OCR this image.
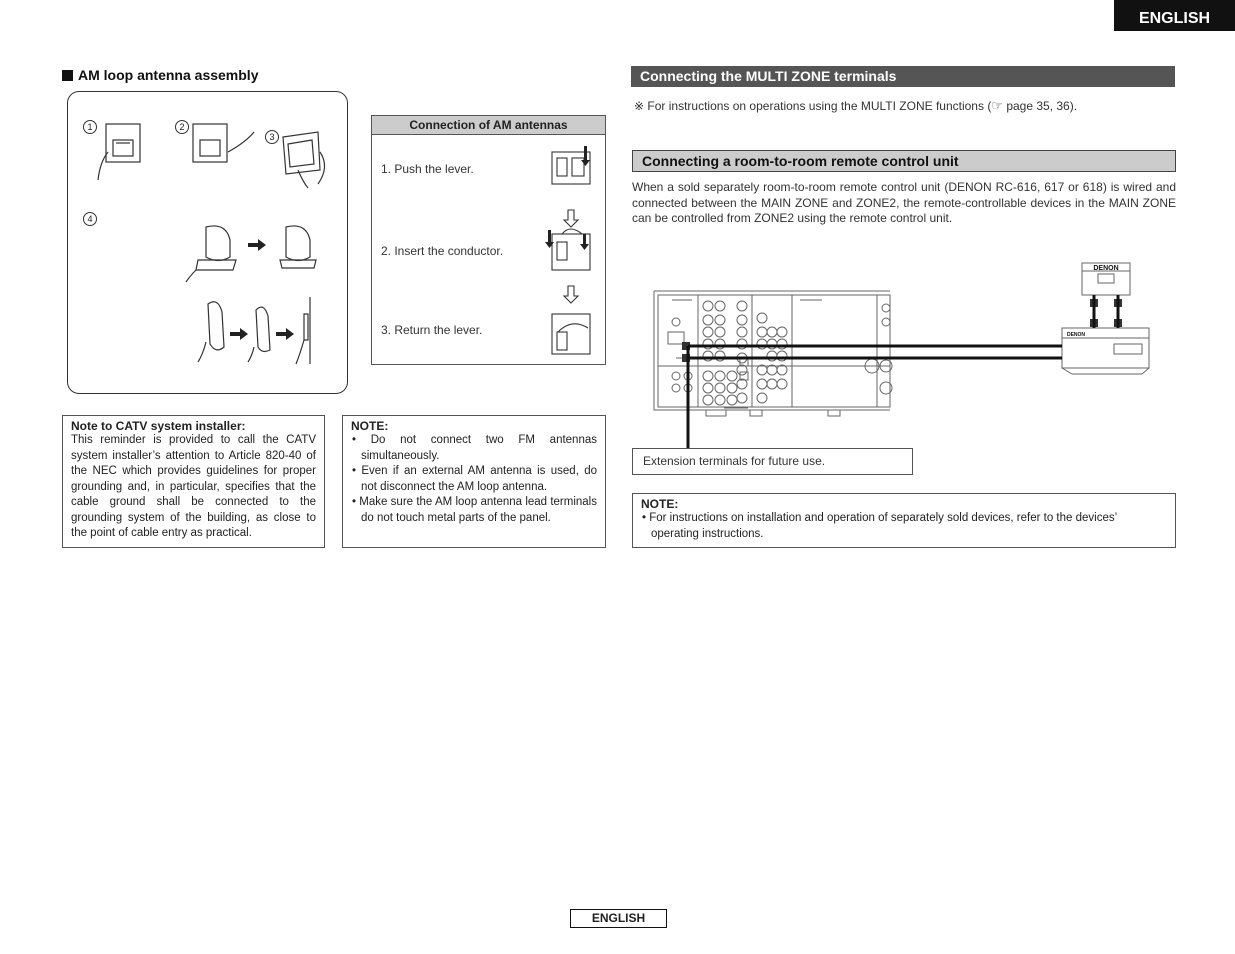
ENGLISH
AM loop antenna assembly
1	2
3
4
Connection of AM antennas
1. Push the lever.
2. Insert the conductor.
3. Return the lever.
Note to CATV system installer:
This reminder is provided to call the CATV system installer’s attention to Article 820-40 of the NEC which provides guidelines for proper grounding and, in particular, specifies that the cable ground shall be connected to the grounding system of the building, as close to the point of cable entry as practical.
NOTE:
• Do not connect two FM antennas simultaneously.
• Even if an external AM antenna is used, do not disconnect the AM loop antenna.
• Make sure the AM loop antenna lead terminals do not touch metal parts of the panel.
Connecting the MULTI ZONE terminals
※ For instructions on operations using the MULTI ZONE functions (☞ page 35, 36).
Connecting a room-to-room remote control unit
When a sold separately room-to-room remote control unit (DENON RC-616, 617 or 618) is wired and connected between the MAIN ZONE and ZONE2, the remote-controllable devices in the MAIN ZONE can be controlled from ZONE2 using the remote control unit.
DENON
DENON
Extension terminals for future use.
NOTE:
• For instructions on installation and operation of separately sold devices, refer to the devices’ operating instructions.
ENGLISH
